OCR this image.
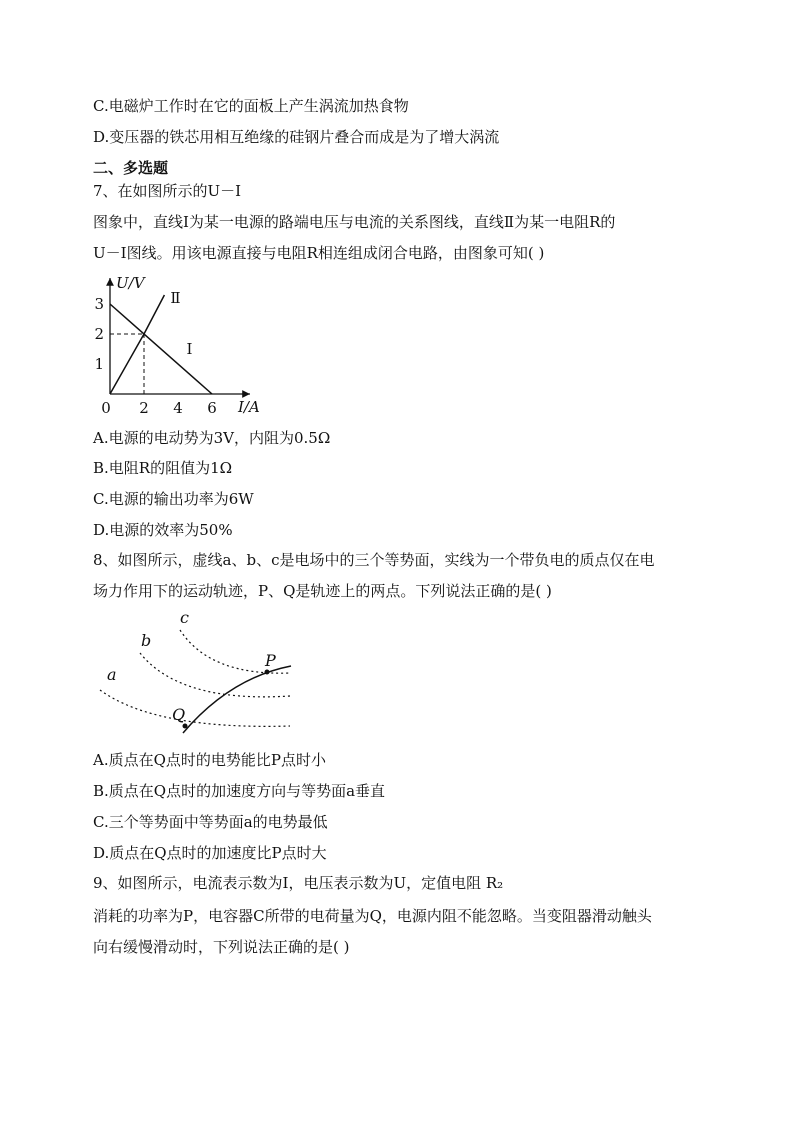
C.电磁炉工作时在它的面板上产生涡流加热食物
D.变压器的铁芯用相互绝缘的硅钢片叠合而成是为了增大涡流
二、多选题
7、在如图所示的U－I
图象中，直线Ⅰ为某一电源的路端电压与电流的关系图线，直线Ⅱ为某一电阻R的
U－I图线。用该电源直接与电阻R相连组成闭合电路，由图象可知( )
U/V
I/A
0 2 4 6
1
2
3
Ⅰ
Ⅱ
A.电源的电动势为3V，内阻为0.5Ω
B.电阻R的阻值为1Ω
C.电源的输出功率为6W
D.电源的效率为50%
8、如图所示，虚线a、b、c是电场中的三个等势面，实线为一个带负电的质点仅在电
场力作用下的运动轨迹，P、Q是轨迹上的两点。下列说法正确的是( )
a
b
c
P
Q
A.质点在Q点时的电势能比P点时小
B.质点在Q点时的加速度方向与等势面a垂直
C.三个等势面中等势面a的电势最低
D.质点在Q点时的加速度比P点时大
9、如图所示，电流表示数为I，电压表示数为U，定值电阻 R₂
消耗的功率为P，电容器C所带的电荷量为Q，电源内阻不能忽略。当变阻器滑动触头
向右缓慢滑动时，下列说法正确的是( )
